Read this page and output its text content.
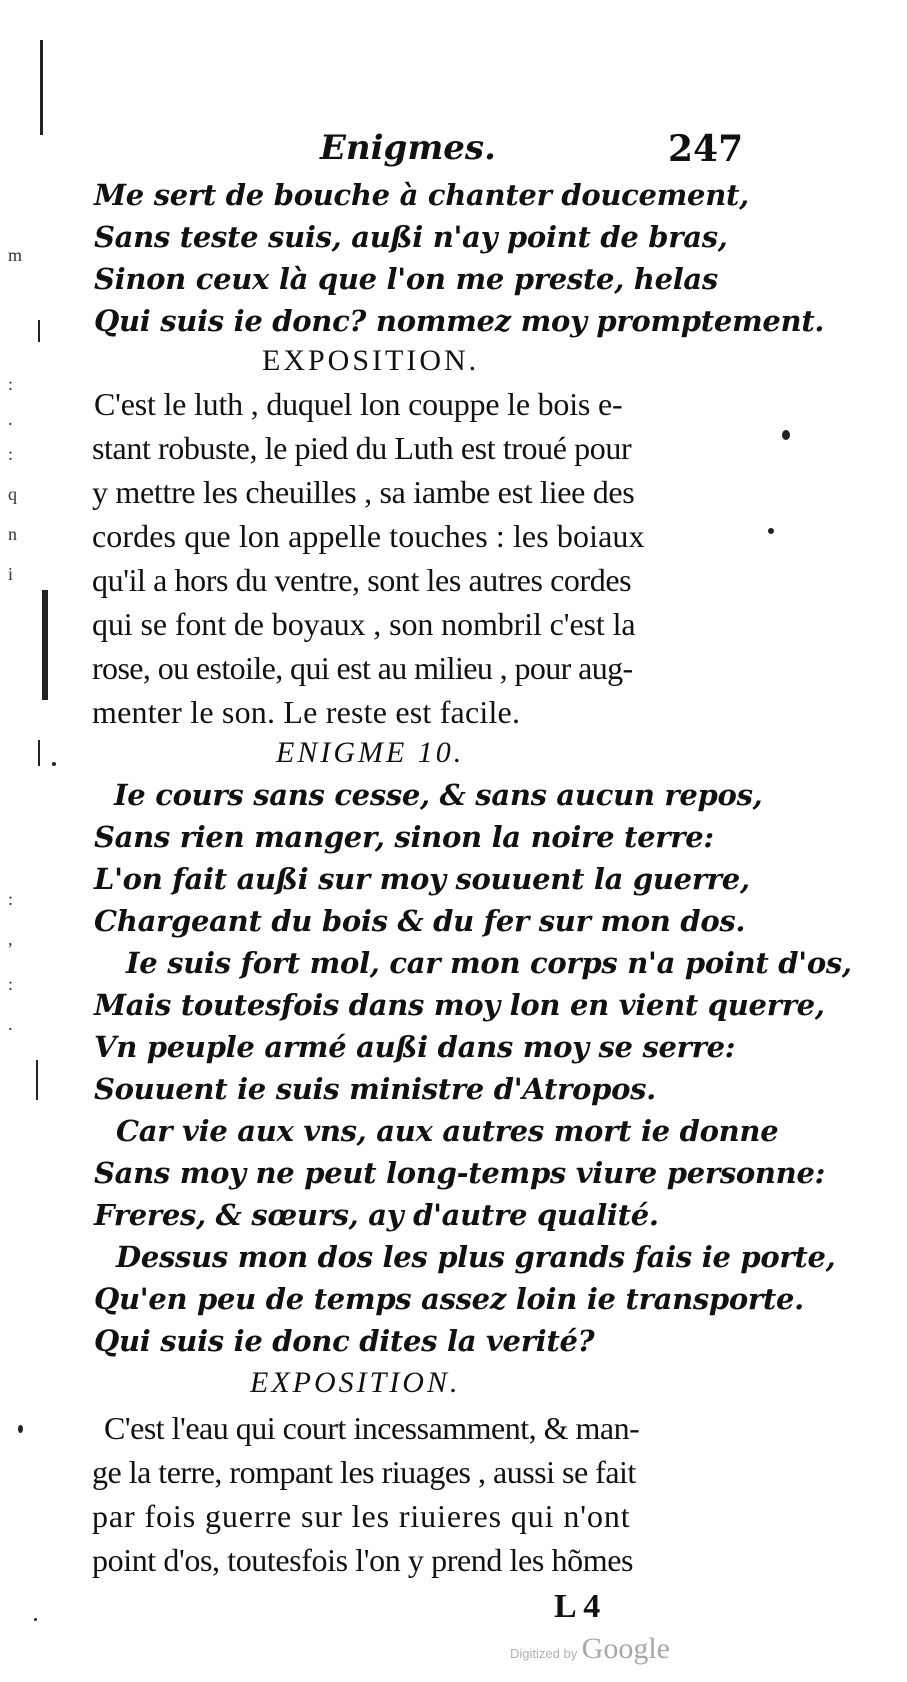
m
:
.
:
q
n
i
:
,
:
.
Enigmes.	247
Me sert de bouche à chanter doucement,
Sans teste suis, außi n'ay point de bras,
Sinon ceux là que l'on me preste, helas
Qui suis ie donc? nommez moy promptement.
EXPOSITION.
C'est le luth , duquel lon couppe le bois e-
stant robuste, le pied du Luth est troué pour
y mettre les cheuilles , sa iambe est liee des
cordes que lon appelle touches : les boiaux
qu'il a hors du ventre, sont les autres cordes
qui se font de boyaux , son nombril c'est la
rose, ou estoile, qui est au milieu , pour aug-
menter le son. Le reste est facile.
ENIGME 10.
Ie cours sans cesse, & sans aucun repos,
Sans rien manger, sinon la noire terre:
L'on fait außi sur moy souuent la guerre,
Chargeant du bois & du fer sur mon dos.
Ie suis fort mol, car mon corps n'a point d'os,
Mais toutesfois dans moy lon en vient querre,
Vn peuple armé außi dans moy se serre:
Souuent ie suis ministre d'Atropos.
Car vie aux vns, aux autres mort ie donne
Sans moy ne peut long-temps viure personne:
Freres, & sœurs, ay d'autre qualité.
Dessus mon dos les plus grands fais ie porte,
Qu'en peu de temps assez loin ie transporte.
Qui suis ie donc dites la verité?
EXPOSITION.
C'est l'eau qui court incessamment, & man-
ge la terre, rompant les riuages , aussi se fait
par fois guerre sur les riuieres qui n'ont
point d'os, toutesfois l'on y prend les hõmes
L 4
Digitized by Google
